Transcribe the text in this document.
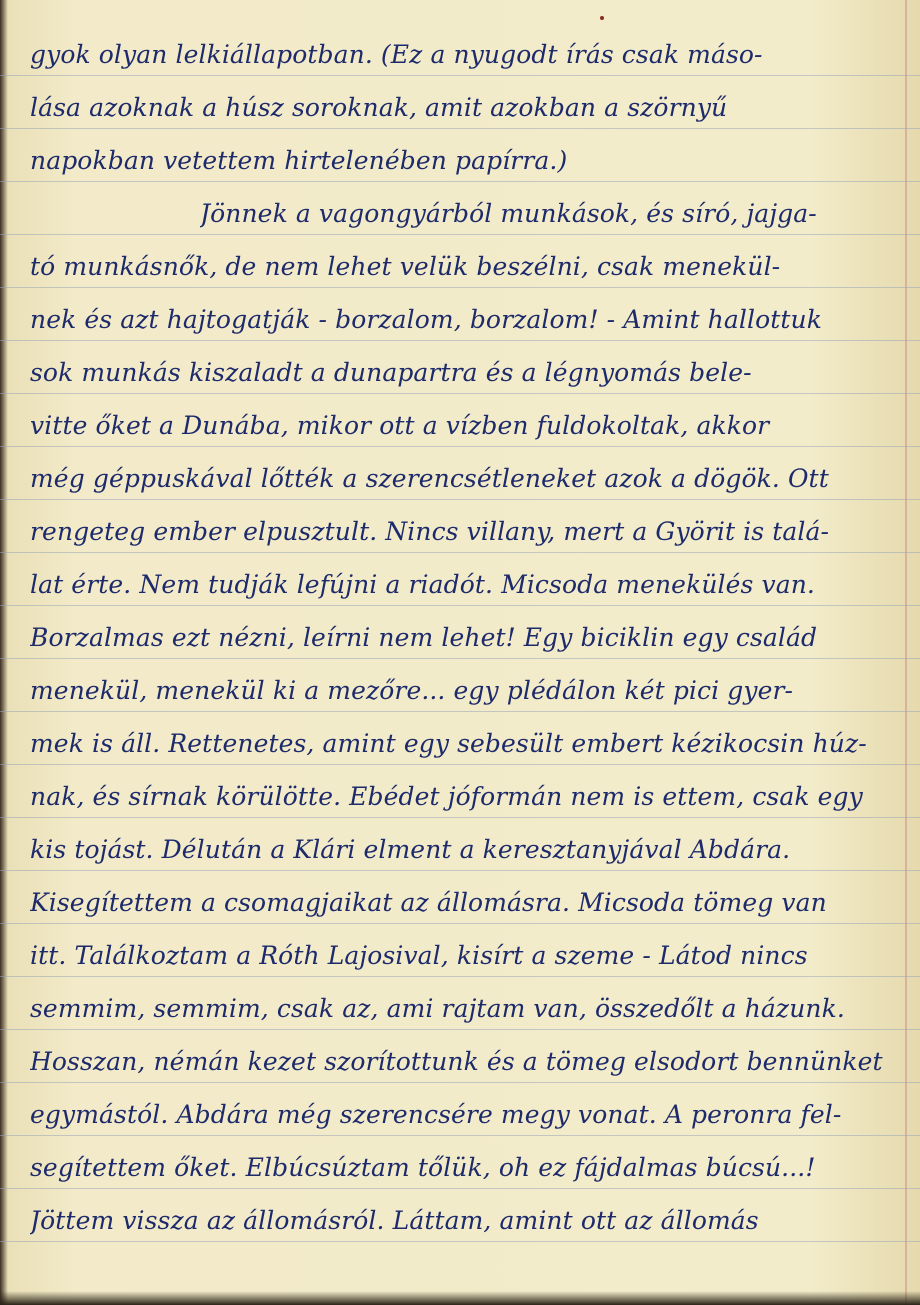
gyok olyan lelkiállapotban. (Ez a nyugodt írás csak máso-
lása azoknak a húsz soroknak, amit azokban a szörnyű
napokban vetettem hirtelenében papírra.)
Jönnek a vagongyárból munkások, és síró, jajga-
tó munkásnők, de nem lehet velük beszélni, csak menekül-
nek és azt hajtogatják - borzalom, borzalom! - Amint hallottuk
sok munkás kiszaladt a dunapartra és a légnyomás bele-
vitte őket a Dunába, mikor ott a vízben fuldokoltak, akkor
még géppuskával lőtték a szerencsétleneket azok a dögök. Ott
rengeteg ember elpusztult. Nincs villany, mert a Györit is talá-
lat érte. Nem tudják lefújni a riadót. Micsoda menekülés van.
Borzalmas ezt nézni, leírni nem lehet! Egy biciklin egy család
menekül, menekül ki a mezőre... egy plédálon két pici gyer-
mek is áll. Rettenetes, amint egy sebesült embert kézikocsin húz-
nak, és sírnak körülötte. Ebédet jóformán nem is ettem, csak egy
kis tojást. Délután a Klári elment a keresztanyjával Abdára.
Kisegítettem a csomagjaikat az állomásra. Micsoda tömeg van
itt. Találkoztam a Róth Lajosival, kisírt a szeme - Látod nincs
semmim, semmim, csak az, ami rajtam van, összedőlt a házunk.
Hosszan, némán kezet szorítottunk és a tömeg elsodort bennünket
egymástól. Abdára még szerencsére megy vonat. A peronra fel-
segítettem őket. Elbúcsúztam tőlük, oh ez fájdalmas búcsú...!
Jöttem vissza az állomásról. Láttam, amint ott az állomás
